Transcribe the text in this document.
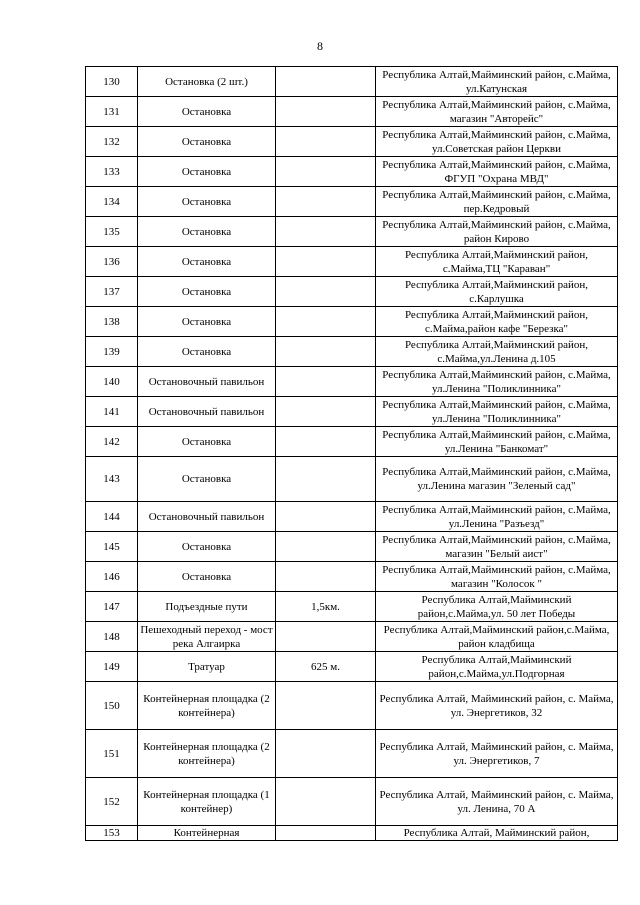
8
130	Остановка (2 шт.)		Республика Алтай,Майминский район, с.Майма, ул.Катунская
131	Остановка		Республика Алтай,Майминский район, с.Майма, магазин "Авторейс"
132	Остановка		Республика Алтай,Майминский район, с.Майма, ул.Советская район Церкви
133	Остановка		Республика Алтай,Майминский район, с.Майма, ФГУП "Охрана МВД"
134	Остановка		Республика Алтай,Майминский район, с.Майма, пер.Кедровый
135	Остановка		Республика Алтай,Майминский район, с.Майма, район Кирово
136	Остановка		Республика Алтай,Майминский район, с.Майма,ТЦ "Караван"
137	Остановка		Республика Алтай,Майминский район, с.Карлушка
138	Остановка		Республика Алтай,Майминский район, с.Майма,район кафе "Березка"
139	Остановка		Республика Алтай,Майминский район, с.Майма,ул.Ленина д.105
140	Остановочный павильон		Республика Алтай,Майминский район, с.Майма, ул.Ленина "Поликлинника"
141	Остановочный павильон		Республика Алтай,Майминский район, с.Майма, ул.Ленина "Поликлинника"
142	Остановка		Республика Алтай,Майминский район, с.Майма, ул.Ленина "Банкомат"
143	Остановка		Республика Алтай,Майминский район, с.Майма, ул.Ленина магазин "Зеленый сад"
144	Остановочный павильон		Республика Алтай,Майминский район, с.Майма, ул.Ленина "Разъезд"
145	Остановка		Республика Алтай,Майминский район, с.Майма, магазин "Белый аист"
146	Остановка		Республика Алтай,Майминский район, с.Майма, магазин "Колосок "
147	Подъездные пути	1,5км.	Республика Алтай,Майминский район,с.Майма,ул. 50 лет Победы
148	Пешеходный переход - мост река Алгаирка		Республика Алтай,Майминский район,с.Майма, район кладбища
149	Тратуар	625 м.	Республика Алтай,Майминский район,с.Майма,ул.Подгорная
150	Контейнерная площадка (2 контейнера)		Республика Алтай, Майминский район, с. Майма, ул. Энергетиков, 32
151	Контейнерная площадка (2 контейнера)		Республика Алтай, Майминский район, с. Майма, ул. Энергетиков, 7
152	Контейнерная площадка (1 контейнер)		Республика Алтай, Майминский район, с. Майма, ул. Ленина, 70 А
153	Контейнерная		Республика Алтай, Майминский район,
